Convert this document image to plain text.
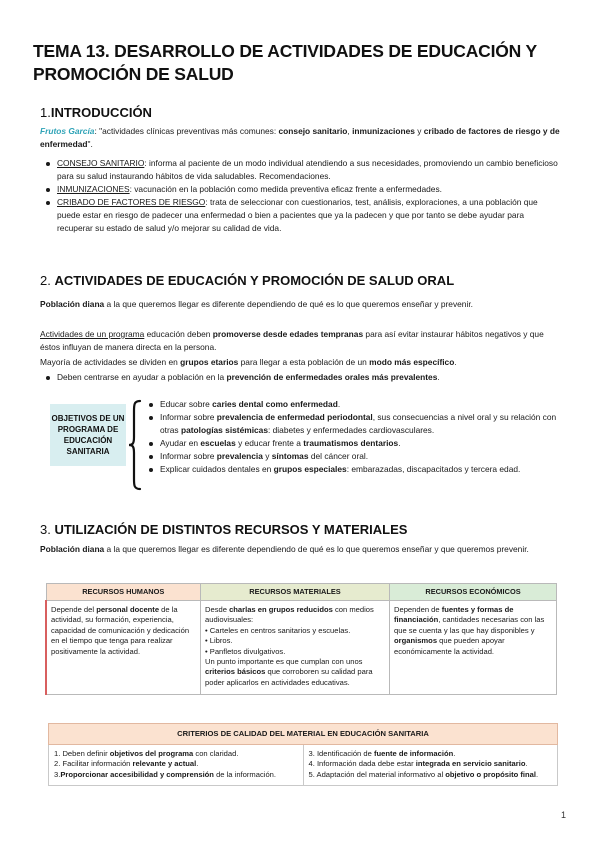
TEMA 13. DESARROLLO DE ACTIVIDADES DE EDUCACIÓN Y PROMOCIÓN DE SALUD
1.INTRODUCCIÓN

Frutos García: "actividades clínicas preventivas más comunes: consejo sanitario, inmunizaciones y cribado de factores de riesgo y de enfermedad".

CONSEJO SANITARIO: informa al paciente de un modo individual atendiendo a sus necesidades, promoviendo un cambio beneficioso para su salud instaurando hábitos de vida saludables. Recomendaciones.
INMUNIZACIONES: vacunación en la población como medida preventiva eficaz frente a enfermedades.
CRIBADO DE FACTORES DE RIESGO: trata de seleccionar con cuestionarios, test, análisis, exploraciones, a una población que puede estar en riesgo de padecer una enfermedad o bien a pacientes que ya la padecen y que por tanto se debe ayudar para recuperar su estado de salud y/o mejorar su calidad de vida.
2. ACTIVIDADES DE EDUCACIÓN Y PROMOCIÓN DE SALUD ORAL

Población diana a la que queremos llegar es diferente dependiendo de qué es lo que queremos enseñar y prevenir.

Actividades de un programa educación deben promoverse desde edades tempranas para así evitar instaurar hábitos negativos y que éstos influyan de manera directa en la persona.

Mayoría de actividades se dividen en grupos etarios para llegar a esta población de un modo más específico.

Deben centrarse en ayudar a población en la prevención de enfermedades orales más prevalentes.
OBJETIVOS DE UN PROGRAMA DE EDUCACIÓN SANITARIA
Educar sobre caries dental como enfermedad.
Informar sobre prevalencia de enfermedad periodontal, sus consecuencias a nivel oral y su relación con otras patologías sistémicas: diabetes y enfermedades cardiovasculares.
Ayudar en escuelas y educar frente a traumatismos dentarios.
Informar sobre prevalencia y síntomas del cáncer oral.
Explicar cuidados dentales en grupos especiales: embarazadas, discapacitados y tercera edad.
3. UTILIZACIÓN DE DISTINTOS RECURSOS Y MATERIALES

Población diana a la que queremos llegar es diferente dependiendo de qué es lo que queremos enseñar y que queremos prevenir.

RECURSOS HUMANOS	RECURSOS MATERIALES	RECURSOS ECONÓMICOS
Depende del personal docente de la actividad, su formación, experiencia, capacidad de comunicación y dedicación en el tiempo que tenga para realizar positivamente la actividad.	Desde charlas en grupos reducidos con medios audiovisuales:
• Carteles en centros sanitarios y escuelas.
• Libros.
• Panfletos divulgativos.
Un punto importante es que cumplan con unos criterios básicos que corroboren su calidad para poder aplicarlos en actividades educativas.	Dependen de fuentes y formas de financiación, cantidades necesarias con las que se cuenta y las que hay disponibles y organismos que pueden apoyar económicamente la actividad.
CRITERIOS DE CALIDAD DEL MATERIAL EN EDUCACIÓN SANITARIA
1. Deben definir objetivos del programa con claridad.
2. Facilitar información relevante y actual.
3.Proporcionar accesibilidad y comprensión de la información.	3. Identificación de fuente de información.
4. Información dada debe estar integrada en servicio sanitario.
5. Adaptación del material informativo al objetivo o propósito final.
1
